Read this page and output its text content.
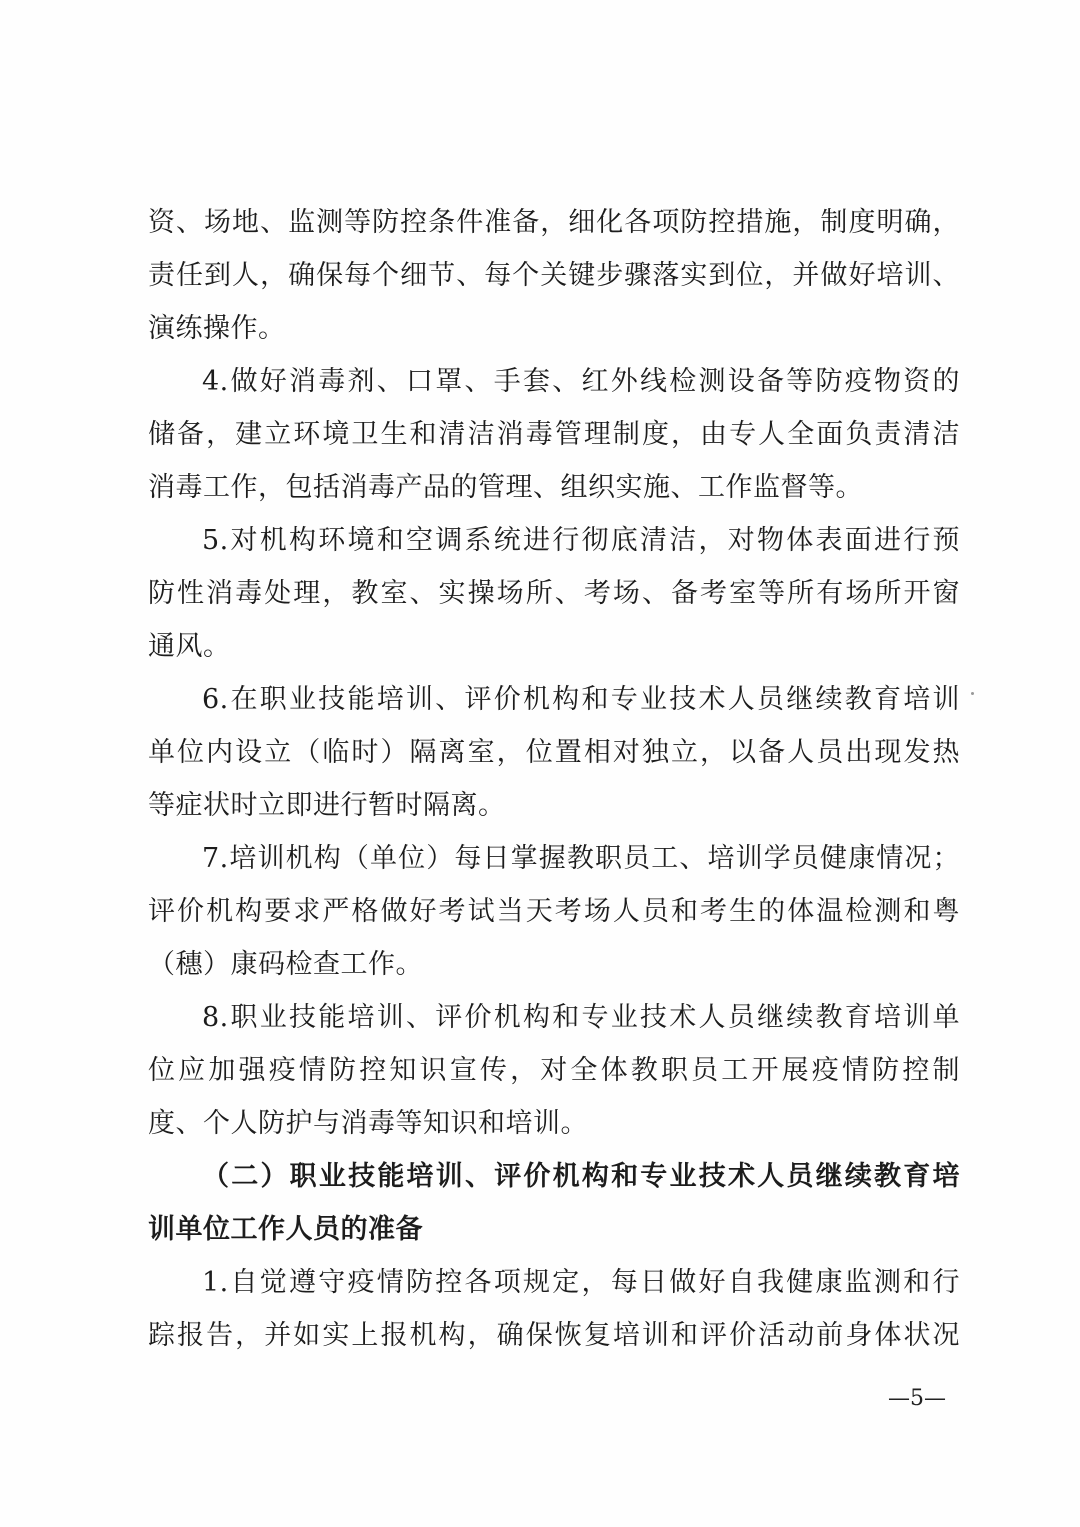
资、场地、监测等防控条件准备，细化各项防控措施，制度明确，
责任到人，确保每个细节、每个关键步骤落实到位，并做好培训、
演练操作。
4.做好消毒剂、口罩、手套、红外线检测设备等防疫物资的
储备，建立环境卫生和清洁消毒管理制度，由专人全面负责清洁
消毒工作，包括消毒产品的管理、组织实施、工作监督等。
5.对机构环境和空调系统进行彻底清洁，对物体表面进行预
防性消毒处理，教室、实操场所、考场、备考室等所有场所开窗
通风。
6.在职业技能培训、评价机构和专业技术人员继续教育培训
单位内设立（临时）隔离室，位置相对独立，以备人员出现发热
等症状时立即进行暂时隔离。
7.培训机构（单位）每日掌握教职员工、培训学员健康情况；
评价机构要求严格做好考试当天考场人员和考生的体温检测和粤
（穗）康码检查工作。
8.职业技能培训、评价机构和专业技术人员继续教育培训单
位应加强疫情防控知识宣传，对全体教职员工开展疫情防控制
度、个人防护与消毒等知识和培训。
（二）职业技能培训、评价机构和专业技术人员继续教育培
训单位工作人员的准备
1.自觉遵守疫情防控各项规定，每日做好自我健康监测和行
踪报告，并如实上报机构，确保恢复培训和评价活动前身体状况
—5—
